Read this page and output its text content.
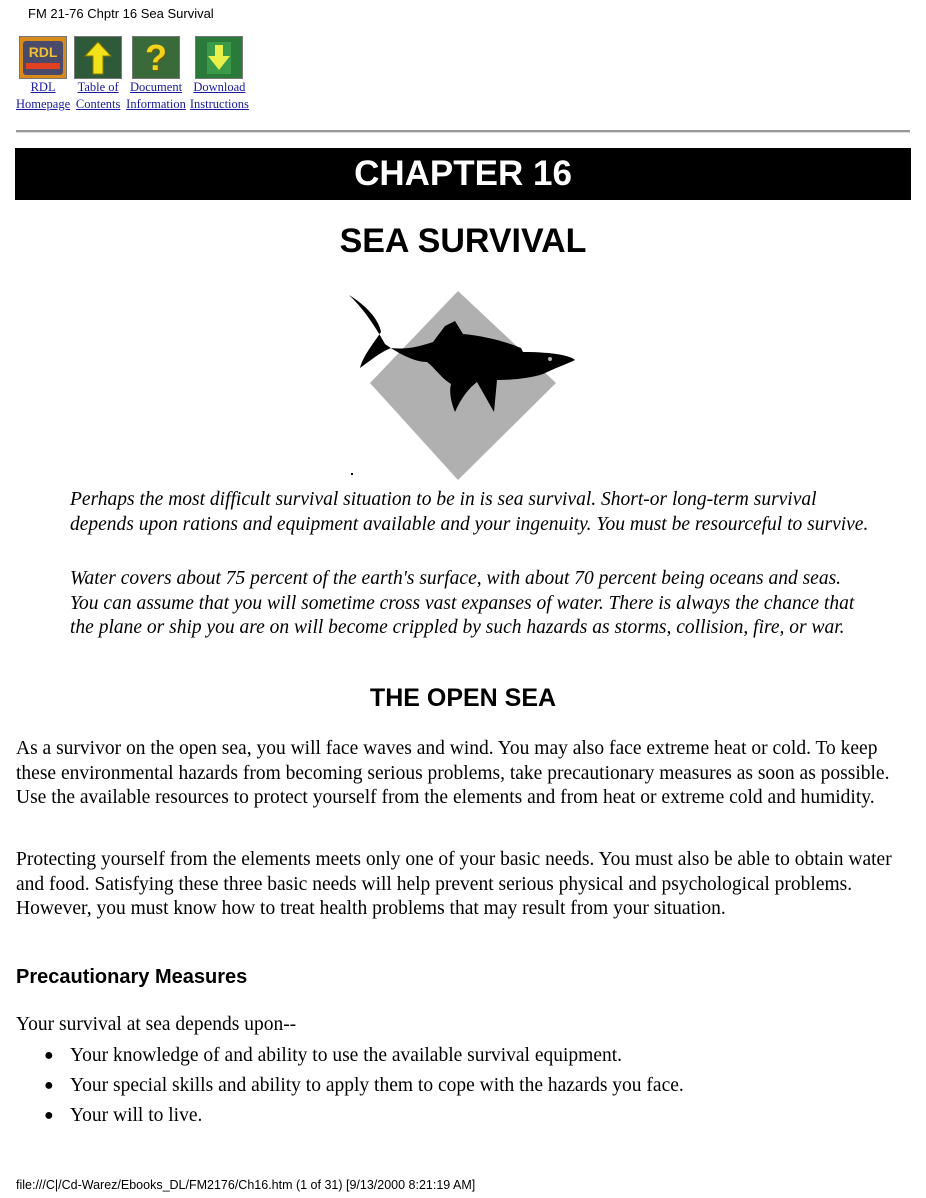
FM 21-76 Chptr 16 Sea Survival
RDL
RDL
Homepage
Table of
Contents
?
Document
Information
Download
Instructions
CHAPTER 16
SEA SURVIVAL

Perhaps the most difficult survival situation to be in is sea survival. Short-or long-term survival depends upon rations and equipment available and your ingenuity. You must be resourceful to survive.

Water covers about 75 percent of the earth's surface, with about 70 percent being oceans and seas. You can assume that you will sometime cross vast expanses of water. There is always the chance that the plane or ship you are on will become crippled by such hazards as storms, collision, fire, or war.

THE OPEN SEA

As a survivor on the open sea, you will face waves and wind. You may also face extreme heat or cold. To keep these environmental hazards from becoming serious problems, take precautionary measures as soon as possible. Use the available resources to protect yourself from the elements and from heat or extreme cold and humidity.

Protecting yourself from the elements meets only one of your basic needs. You must also be able to obtain water and food. Satisfying these three basic needs will help prevent serious physical and psychological problems. However, you must know how to treat health problems that may result from your situation.

Precautionary Measures

Your survival at sea depends upon--

● Your knowledge of and ability to use the available survival equipment.
● Your special skills and ability to apply them to cope with the hazards you face.
● Your will to live.
file:///C|/Cd-Warez/Ebooks_DL/FM2176/Ch16.htm (1 of 31) [9/13/2000 8:21:19 AM]
